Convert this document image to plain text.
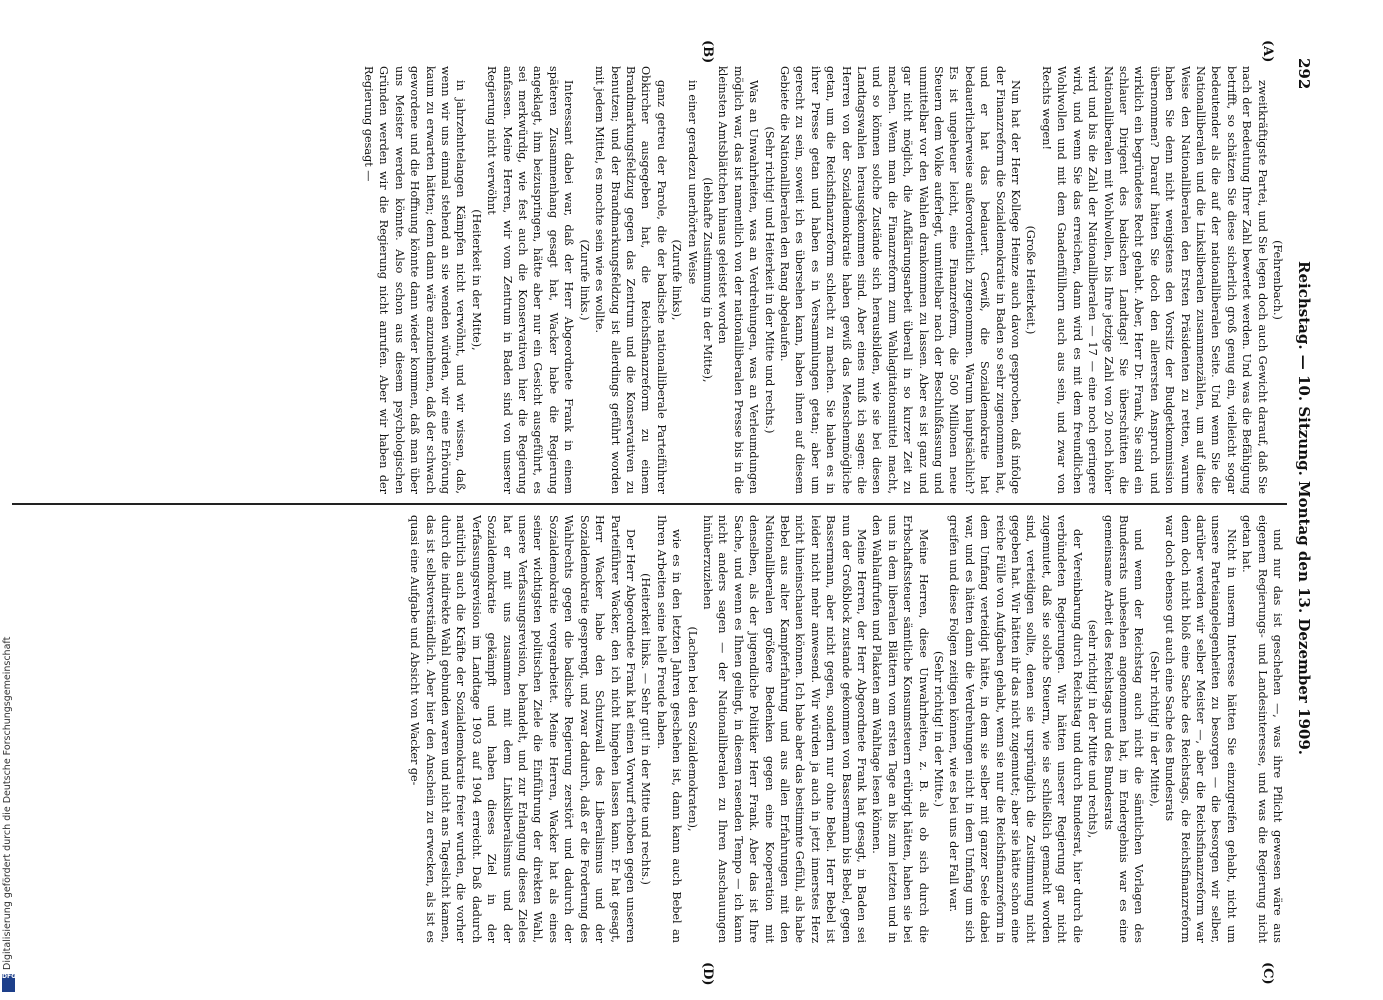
292
Reichstag. — 10. Sitzung. Montag den 13. Dezember 1909.
(A)
(B)
(C)
(D)

(Fehrenbach.)

zweitkräftigste Partei, und Sie legen doch auch Gewicht darauf, daß Sie nach der Bedeutung Ihrer Zahl bewertet werden. Und was die Befähigung betrifft, so schätzen Sie diese sicherlich groß genug ein, vielleicht sogar bedeutender als die auf der nationalliberalen Seite. Und wenn Sie die Nationalliberalen und die Linksliberalen zusammenzählen, um auf diese Weise den Nationalliberalen den Ersten Präsidenten zu retten, warum haben Sie denn nicht wenigstens den Vorsitz der Budgetkommission übernommen? Darauf hätten Sie doch den allerersten Anspruch und wirklich ein begründetes Recht gehabt. Aber, Herr Dr. Frank, Sie sind ein schlauer Dirigent des badischen Landtags! Sie überschütten die Nationalliberalen mit Wohlwollen, bis Ihre jetzige Zahl von 20 noch höher wird und bis die Zahl der Nationalliberalen — 17 — eine noch geringere wird, und wenn Sie das erreichen, dann wird es mit dem freundlichen Wohlwollen und mit dem Gnadenfüllhorn auch aus sein, und zwar von Rechts wegen!

(Große Heiterkeit.)

Nun hat der Herr Kollege Heinze auch davon gesprochen, daß infolge der Finanzreform die Sozialdemokratie in Baden so sehr zugenommen hat, und er hat das bedauert. Gewiß, die Sozialdemokratie hat bedauerlicherweise außerordentlich zugenommen. Warum hauptsächlich? Es ist ungeheuer leicht, eine Finanzreform, die 500 Millionen neue Steuern dem Volke auferlegt, unmittelbar nach der Beschlußfassung und unmittelbar vor den Wahlen drankommen zu lassen. Aber es ist ganz und gar nicht möglich, die Aufklärungsarbeit überall in so kurzer Zeit zu machen. Wenn man die Finanzreform zum Wahlagitationsmittel macht, und so können solche Zustände sich herausbilden, wie sie bei diesen Landtagswahlen herausgekommen sind. Aber eines muß ich sagen: die Herren von der Sozialdemokratie haben gewiß das Menschenmögliche getan, um die Reichsfinanzreform schlecht zu machen. Sie haben es in ihrer Presse getan und haben es in Versammlungen getan; aber um gerecht zu sein, soweit ich es übersehen kann, haben ihnen auf diesem Gebiete die Nationalliberalen den Rang abgelaufen.

(Sehr richtig! und Heiterkeit in der Mitte und rechts.)

Was an Unwahrheiten, was an Verdrehungen, was an Verleumdungen möglich war, das ist namentlich von der nationalliberalen Presse bis in die kleinsten Amtsblättchen hinaus geleistet worden

(lebhafte Zustimmung in der Mitte),

in einer geradezu unerhörten Weise

(Zurufe links),

ganz getreu der Parole, die der badische nationalliberale Parteiführer Obkircher ausgegeben hat, die Reichsfinanzreform zu einem Brandmarkungsfeldzug gegen das Zentrum und die Konservativen zu benutzen; und der Brandmarkungsfeldzug ist allerdings geführt worden mit jedem Mittel, es mochte sein wie es wollte.

(Zurufe links.)

Interessant dabei war, daß der Herr Abgeordnete Frank in einem späteren Zusammenhang gesagt hat, Wacker habe die Regierung angeklagt, ihm beizuspringen, hätte aber nur ein Gesicht ausgeführt, es sei merkwürdig, wie fest auch die Konservativen hier die Regierung anfassen. Meine Herren, wir vom Zentrum in Baden sind von unserer Regierung nicht verwöhnt

(Heiterkeit in der Mitte),

in jahrzehntelangen Kämpfen nicht verwöhnt, und wir wissen, daß, wenn wir uns einmal stehend an sie wenden würden, wir eine Erhörung kaum zu erwarten hätten; denn dann wäre anzunehmen, daß der schwach gewordene und die Hoffnung könnte dann wieder kommen, daß man über uns Meister werden könnte. Also schon aus diesem psychologischen Gründen werden wir die Regierung nicht anrufen. Aber wir haben der Regierung gesagt —

und nur das ist geschehen —, was ihre Pflicht gewesen wäre aus eigenem Regierungs- und Landesinteresse, und was die Regierung nicht getan hat.

Nicht in unserm Interesse hätten Sie einzugreifen gehabt, nicht um unsere Parteiangelegenheiten zu besorgen — die besorgen wir selber, darüber werden wir selber Meister —, aber die Reichsfinanzreform war denn doch nicht bloß eine Sache des Reichstags, die Reichsfinanzreform war doch ebenso gut auch eine Sache des Bundesrats

(Sehr richtig! in der Mitte),

und wenn der Reichstag auch nicht die sämtlichen Vorlagen des Bundesrats unbesehen angenommen hat, im Endergebnis war es eine gemeinsame Arbeit des Reichstags und des Bundesrats

(sehr richtig! in der Mitte und rechts),

der Vereinbarung durch Reichstag und durch Bundesrat, hier durch die verbündeten Regierungen. Wir hätten unserer Regierung gar nicht zugemutet, daß sie solche Steuern, wie sie schließlich gemacht worden sind, verteidigen sollte, denen sie ursprünglich die Zustimmung nicht gegeben hat. Wir hätten ihr das nicht zugemutet; aber sie hätte schon eine reiche Fülle von Aufgaben gehabt, wenn sie nur die Reichsfinanzreform in dem Umfang verteidigt hätte, in dem sie selber mit ganzer Seele dabei war, und es hätten dann die Verdrehungen nicht in dem Umfang um sich greifen und diese Folgen zeitigen können, wie es bei uns der Fall war.

(Sehr richtig! in der Mitte.)

Meine Herren, diese Unwahrheiten, z. B. als ob sich durch die Erbschaftssteuer sämtliche Konsumsteuern erübrigt hätten, haben sie bei uns in dem liberalen Blättern vom ersten Tage an bis zum letzten und in den Wahlaufrufen und Plakaten am Wahltage lesen können.

Meine Herren, der Herr Abgeordnete Frank hat gesagt, in Baden sei nun der Großblock zustande gekommen von Bassermann bis Bebel, gegen Bassermann, aber nicht gegen, sondern nur ohne Bebel. Herr Bebel ist leider nicht mehr anwesend. Wir würden ja auch in jetzt innerstes Herz nicht hineinschauen können. Ich habe aber das bestimmte Gefühl, als habe Bebel aus alter Kampferfahrung und aus allen Erfahrungen mit den Nationalliberalen größere Bedenken gegen eine Kooperation mit denselben, als der jugendliche Politiker Herr Frank. Aber das ist Ihre Sache, und wenn es Ihnen gelingt, in diesem rasenden Tempo — ich kann nicht anders sagen — der Nationalliberalen zu Ihren Anschauungen hinüberzuziehen

(Lachen bei den Sozialdemokraten),

wie es in den letzten Jahren geschehen ist, dann kann auch Bebel an Ihren Arbeiten seine helle Freude haben.

(Heiterkeit links. — Sehr gut! in der Mitte und rechts.)

Der Herr Abgeordnete Frank hat einen Vorwurf erhoben gegen unseren Parteiführer Wacker, den ich nicht hingehen lassen kann. Er hat gesagt, Herr Wacker habe den Schutzwall des Liberalismus und der Sozialdemokratie gesprengt, und zwar dadurch, daß er die Forderung des Wahlrechts gegen die badische Regierung zerstört und dadurch der Sozialdemokratie vorgearbeitet. Meine Herren, Wacker hat als eines seiner wichtigsten politischen Ziele die Einführung der direkten Wahl, unsere Verfassungsrevision, behandelt, und zur Erlangung dieses Zieles hat er mit uns zusammen mit dem Linksliberalismus und der Sozialdemokratie gekämpft und haben dieses Ziel in der Verfassungsrevision im Landtage 1903 auf 1904 erreicht. Daß dadurch natürlich auch die Kräfte der Sozialdemokratie freier wurden, die vorher durch die indirekte Wahl gebunden waren und nicht ans Tageslicht kamen, das ist selbstverständlich. Aber hier den Anschein zu erwecken, als ist es quasi eine Aufgabe und Absicht von Wacker ge-

Digitalisierung gefördert durch die Deutsche Forschungsgemeinschaft
DFG
